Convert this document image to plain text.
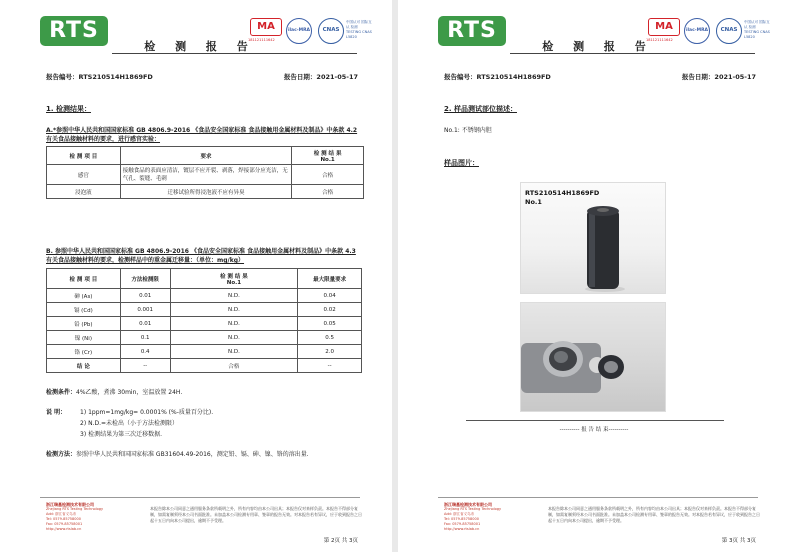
RTS	MA
181121111642
ilac-MRA	CNAS
中国认可 国际互认 检测 TESTING CNAS L5820
检 测 报 告
报告编号：RTS210514H1869FD	报告日期：2021-05-17
1. 检测结果：
A.*参照中华人民共和国国家标准 GB 4806.9-2016 《食品安全国家标准 食品接触用金属材料及制品》中条款 4.2 有关食品接触材料的要求，进行感官实验：
检 测 项 目	要求	检 测 结 果
No.1
感官	接触食品的表面应清洁，镀层不应开裂、剥落，焊接部分应光洁，无气孔、裂缝、毛刺	合格
浸泡液	迁移试验所得浸泡液不应有异臭	合格
B. 参照中华人民共和国国家标准 GB 4806.9-2016 《食品安全国家标准 食品接触用金属材料及制品》中条款 4.3 有关食品接触材料的要求，检测样品中的重金属迁移量：（单位：mg/kg）
检 测 项 目	方法检测限	检 测 结 果
No.1	最大限量要求
砷 (As)	0.01	N.D.	0.04
镉 (Cd)	0.001	N.D.	0.02
铅 (Pb)	0.01	N.D.	0.05
镍 (Ni)	0.1	N.D.	0.5
铬 (Cr)	0.4	N.D.	2.0
结 论	--	合格	--
检测条件：4%乙酸，煮沸 30min，室温放置 24H.
说 明： 1) 1ppm=1mg/kg= 0.0001% (%-质量百分比).
2) N.D.=未检出（小于方法检测限）
3) 检测结果为第三次迁移数据.
检测方法：参照中华人民共和国国家标准 GB31604.49-2016，测定铅、镉、砷、镍、铬的溶出量.
浙江瑞基检测技术有限公司
Zhejiang RTS Testing Technology
Add: 浙江省义乌市
Tel: 0579-85758000
Fax: 0579-85758001
http://www.rtslab.cn
本报告除本公司同意之通用服务条款所载明之外，所有内容均由本公司出具；本报告仅对来样负责。本报告不得部分复制，如需复制须经本公司书面批准。未加盖本公司检测专用章、签章的报告无效。对本报告若有异议，应于收到报告之日起十五日内向本公司提出，逾期不予受理。
第 2页 共 3页
RTS	MA
181121111642
ilac-MRA	CNAS
中国认可 国际互认 检测 TESTING CNAS L5820
检 测 报 告
报告编号：RTS210514H1869FD	报告日期：2021-05-17
2. 样品测试部位描述：
No.1: 不锈钢内胆
样品图片：
RTS210514H1869FD
No.1
---------- 报 告 结 束----------
浙江瑞基检测技术有限公司
Zhejiang RTS Testing Technology
Add: 浙江省义乌市
Tel: 0579-85758000
Fax: 0579-85758001
http://www.rtslab.cn
本报告除本公司同意之通用服务条款所载明之外，所有内容均由本公司出具；本报告仅对来样负责。本报告不得部分复制，如需复制须经本公司书面批准。未加盖本公司检测专用章、签章的报告无效。对本报告若有异议，应于收到报告之日起十五日内向本公司提出，逾期不予受理。
第 3页 共 3页
